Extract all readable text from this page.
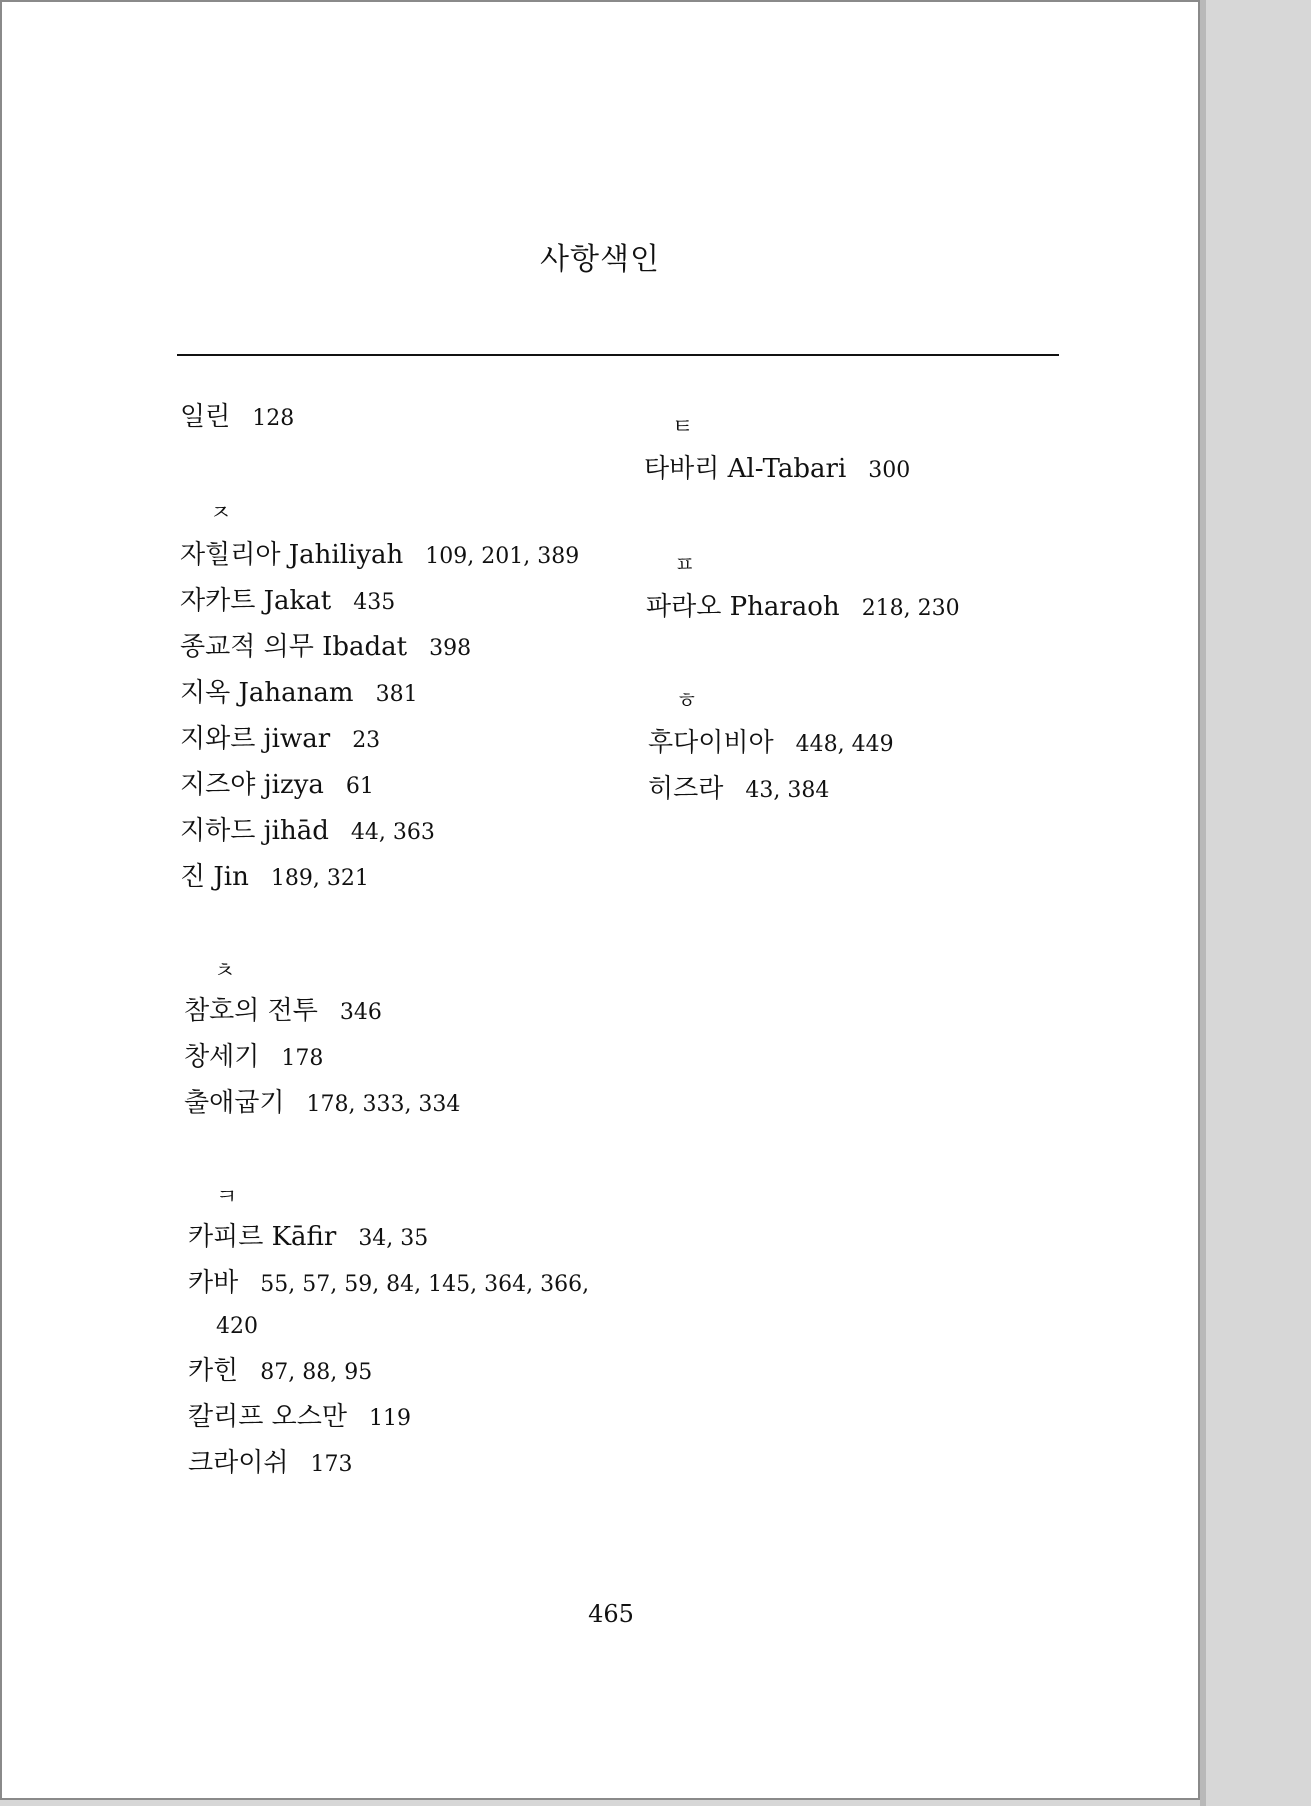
사항색인
일린 128
ㅈ
자힐리아 Jahiliyah 109, 201, 389
자카트 Jakat 435
종교적 의무 Ibadat 398
지옥 Jahanam 381
지와르 jiwar 23
지즈야 jizya 61
지하드 jihād 44, 363
진 Jin 189, 321
ㅊ
참호의 전투 346
창세기 178
출애굽기 178, 333, 334
ㅋ
카피르 Kāfir 34, 35
카바 55, 57, 59, 84, 145, 364, 366,
420
카힌 87, 88, 95
칼리프 오스만 119
크라이쉬 173
ㅌ
타바리 Al-Tabari 300
ㅍ
파라오 Pharaoh 218, 230
ㅎ
후다이비아 448, 449
히즈라 43, 384
465
